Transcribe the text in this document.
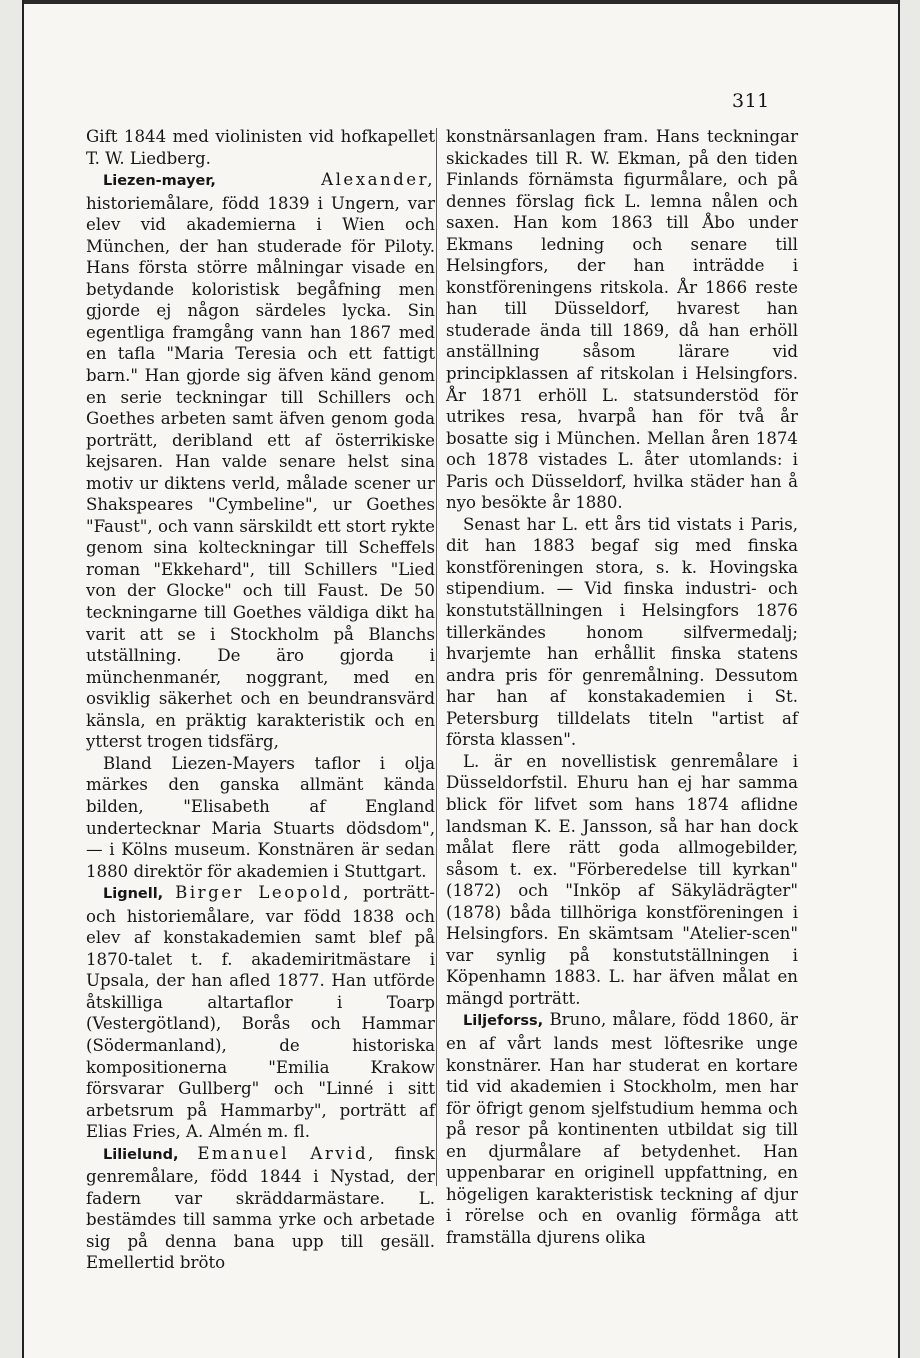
311

Gift 1844 med violinisten vid hofkapellet T. W. Liedberg.

Liezen-mayer,	Alexander, historiemålare, född 1839 i Ungern, var elev vid akademierna i Wien och München, der han studerade för Piloty. Hans första större målningar visade en betydande koloristisk begåfning men gjorde ej någon särdeles lycka. Sin egentliga framgång vann han 1867 med en tafla "Maria Teresia och ett fattigt barn." Han gjorde sig äfven känd genom en serie teckningar till Schillers och Goethes arbeten samt äfven genom goda porträtt, deribland ett af österrikiske kejsaren. Han valde senare helst sina motiv ur diktens verld, målade scener ur Shakspeares "Cymbeline", ur Goethes "Faust", och vann särskildt ett stort rykte genom sina kolteckningar till Scheffels roman "Ekkehard", till Schillers "Lied von der Glocke" och till Faust. De 50 teckningarne till Goethes väldiga dikt ha varit att se i Stockholm på Blanchs utställning. De äro gjorda i münchenmanér, noggrant, med en osviklig säkerhet och en beundransvärd känsla, en präktig karakteristik och en ytterst trogen tidsfärg,

Bland Liezen-Mayers taflor i olja märkes den ganska allmänt kända bilden, "Elisabeth af England undertecknar Maria Stuarts dödsdom", — i Kölns museum. Konstnären är sedan 1880 direktör för akademien i Stuttgart.

Lignell, Birger Leopold, porträtt- och historiemålare, var född 1838 och elev af konstakademien samt blef på 1870-talet t. f. akademiritmästare i Upsala, der han afled 1877. Han utförde åtskilliga altartaflor i Toarp (Vestergötland), Borås och Hammar (Södermanland), de historiska kompositionerna "Emilia Krakow försvarar Gullberg" och "Linné i sitt arbetsrum på Hammarby", porträtt af Elias Fries, A. Almén m. fl.

Lilielund, Emanuel Arvid, finsk genremålare, född 1844 i Nystad, der fadern var skräddarmästare. L. bestämdes till samma yrke och arbetade sig på denna bana upp till gesäll. Emellertid bröto

konstnärsanlagen fram. Hans teckningar skickades till R. W. Ekman, på den tiden Finlands förnämsta figurmålare, och på dennes förslag fick L. lemna nålen och saxen. Han kom 1863 till Åbo under Ekmans ledning och senare till Helsingfors, der han inträdde i konstföreningens ritskola. År 1866 reste han till Düsseldorf, hvarest han studerade ända till 1869, då han erhöll anställning såsom lärare vid principklassen af ritskolan i Helsingfors. År 1871 erhöll L. statsunderstöd för utrikes resa, hvarpå han för två år bosatte sig i München. Mellan åren 1874 och 1878 vistades L. åter utomlands: i Paris och Düsseldorf, hvilka städer han å nyo besökte år 1880.

Senast har L. ett års tid vistats i Paris, dit han 1883 begaf sig med finska konstföreningen stora, s. k. Hovingska stipendium. — Vid finska industri- och konstutställningen i Helsingfors 1876 tillerkändes honom silfvermedalj; hvarjemte han erhållit finska statens andra pris för genremålning. Dessutom har han af konstakademien i St. Petersburg tilldelats titeln "artist af första klassen".

L. är en novellistisk genremålare i Düsseldorfstil. Ehuru han ej har samma blick för lifvet som hans 1874 aflidne landsman K. E. Jansson, så har han dock målat flere rätt goda allmogebilder, såsom t. ex. "Förberedelse till kyrkan" (1872) och "Inköp af Säkylädrägter" (1878) båda tillhöriga konstföreningen i Helsingfors. En skämtsam "Atelier-scen" var synlig på konstutställningen i Köpenhamn 1883. L. har äfven målat en mängd porträtt.

Liljeforss, Bruno, målare, född 1860, är en af vårt lands mest löftesrike unge konstnärer. Han har studerat en kortare tid vid akademien i Stockholm, men har för öfrigt genom sjelfstudium hemma och på resor på kontinenten utbildat sig till en djurmålare af betydenhet. Han uppenbarar en originell uppfattning, en högeligen karakteristisk teckning af djur i rörelse och en ovanlig förmåga att framställa djurens olika
